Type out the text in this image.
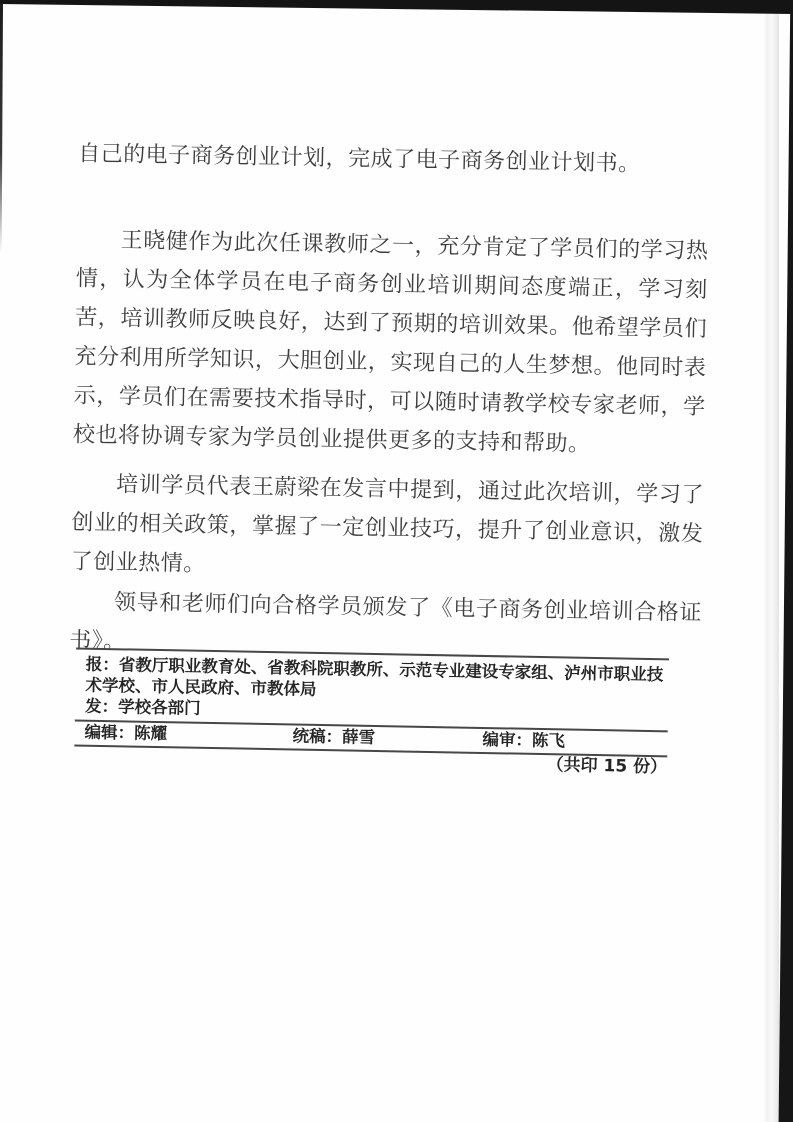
自己的电子商务创业计划，完成了电子商务创业计划书。

王晓健作为此次任课教师之一，充分肯定了学员们的学习热情，认为全体学员在电子商务创业培训期间态度端正，学习刻苦，培训教师反映良好，达到了预期的培训效果。他希望学员们充分利用所学知识，大胆创业，实现自己的人生梦想。他同时表示，学员们在需要技术指导时，可以随时请教学校专家老师，学校也将协调专家为学员创业提供更多的支持和帮助。

培训学员代表王蔚梁在发言中提到，通过此次培训，学习了创业的相关政策，掌握了一定创业技巧，提升了创业意识，激发了创业热情。

领导和老师们向合格学员颁发了《电子商务创业培训合格证书》。

报：省教厅职业教育处、省教科院职教所、示范专业建设专家组、泸州市职业技术学校、市人民政府、市教体局
发：学校各部门
编辑：陈耀	统稿：薛雪	编审：陈飞
（共印 15 份）
